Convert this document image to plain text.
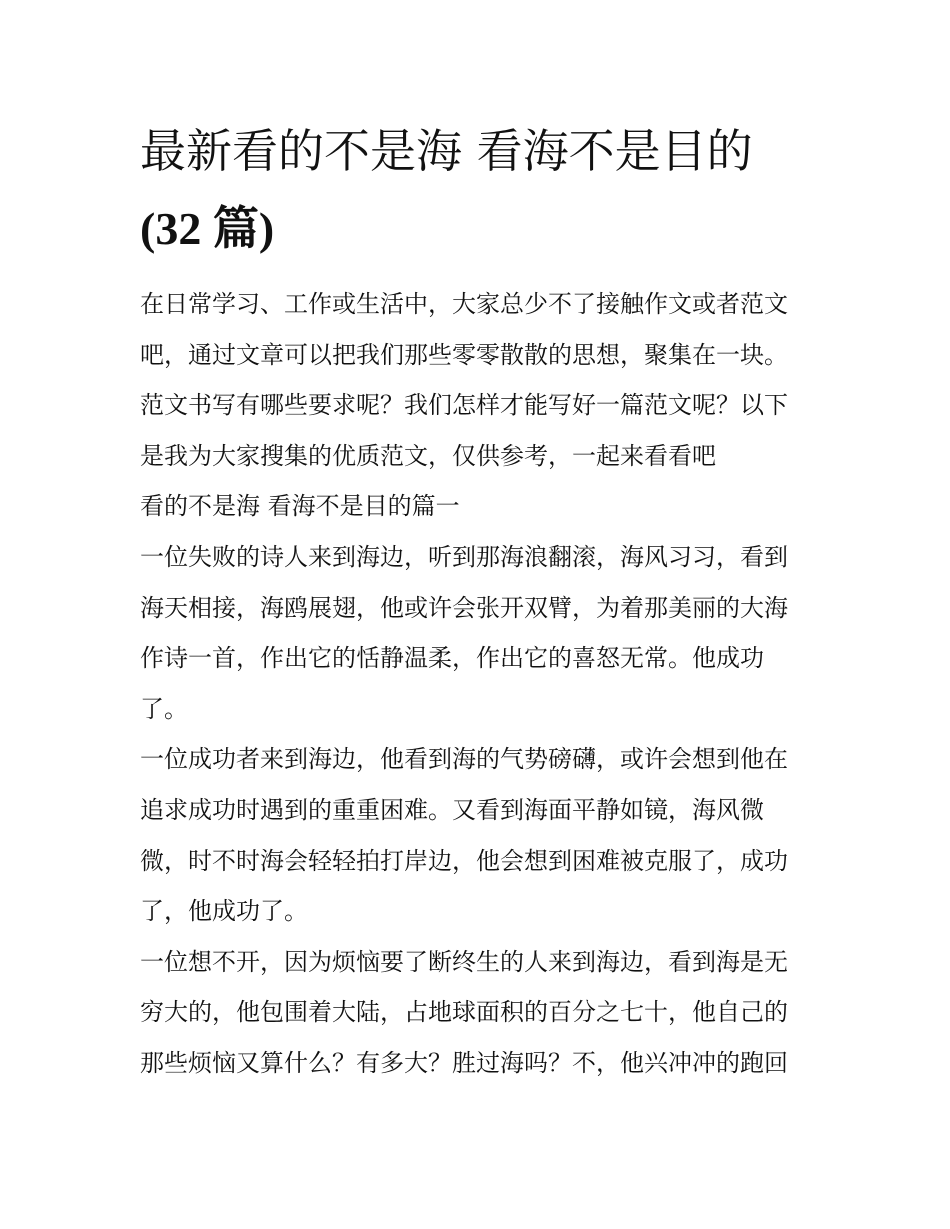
最新看的不是海 看海不是目的
(32 篇)
在日常学习、工作或生活中，大家总少不了接触作文或者范文
吧，通过文章可以把我们那些零零散散的思想，聚集在一块。
范文书写有哪些要求呢？我们怎样才能写好一篇范文呢？以下
是我为大家搜集的优质范文，仅供参考，一起来看看吧
看的不是海 看海不是目的篇一
一位失败的诗人来到海边，听到那海浪翻滚，海风习习，看到
海天相接，海鸥展翅，他或许会张开双臂，为着那美丽的大海
作诗一首，作出它的恬静温柔，作出它的喜怒无常。他成功
了。
一位成功者来到海边，他看到海的气势磅礴，或许会想到他在
追求成功时遇到的重重困难。又看到海面平静如镜，海风微
微，时不时海会轻轻拍打岸边，他会想到困难被克服了，成功
了，他成功了。
一位想不开，因为烦恼要了断终生的人来到海边，看到海是无
穷大的，他包围着大陆，占地球面积的百分之七十，他自己的
那些烦恼又算什么？有多大？胜过海吗？不，他兴冲冲的跑回
